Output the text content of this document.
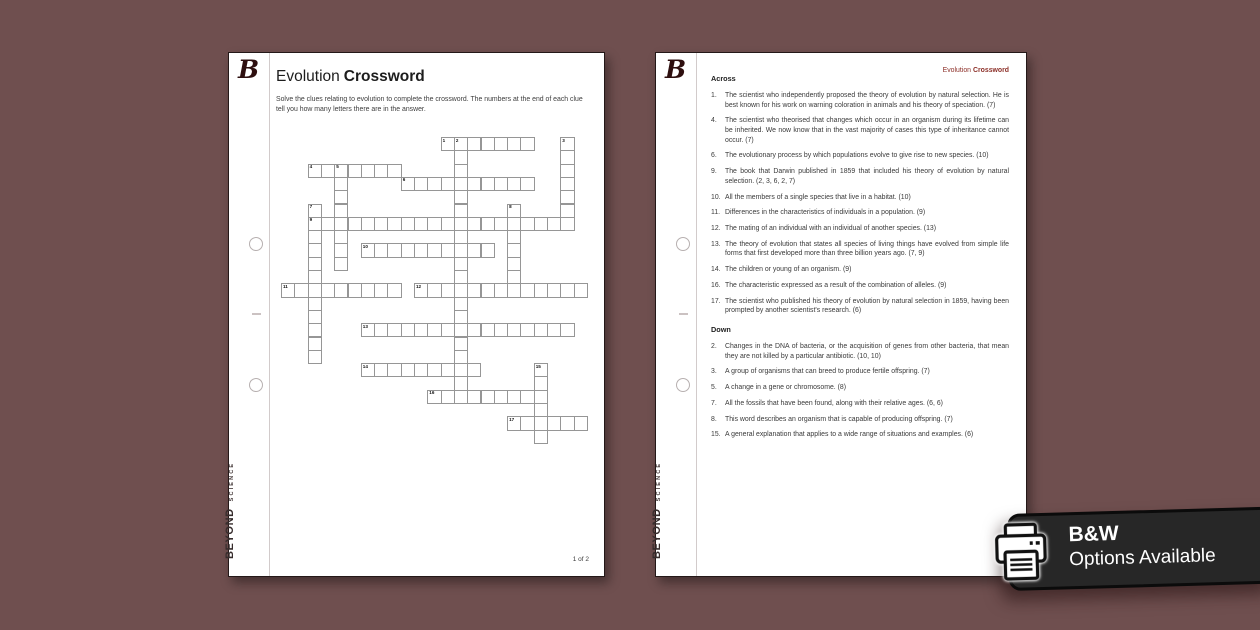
B
BEYOND
SCIENCE
Evolution Crossword
Solve the clues relating to evolution to complete the crossword. The numbers at the end of each clue tell you how many letters there are in the answer.
1 2	3
4	5
6
7
9
8
10
11	12
13
14	15
16
17
1 of 2
B
BEYOND
SCIENCE
Evolution Crossword
Across
1. The scientist who independently proposed the theory of evolution by natural selection. He is best known for his work on warning coloration in animals and his theory of speciation. (7)
4. The scientist who theorised that changes which occur in an organism during its lifetime can be inherited. We now know that in the vast majority of cases this type of inheritance cannot occur. (7)
6. The evolutionary process by which populations evolve to give rise to new species. (10)
9. The book that Darwin published in 1859 that included his theory of evolution by natural selection. (2, 3, 6, 2, 7)
10. All the members of a single species that live in a habitat. (10)
11. Differences in the characteristics of individuals in a population. (9)
12. The mating of an individual with an individual of another species. (13)
13. The theory of evolution that states all species of living things have evolved from simple life forms that first developed more than three billion years ago. (7, 9)
14. The children or young of an organism. (9)
16. The characteristic expressed as a result of the combination of alleles. (9)
17. The scientist who published his theory of evolution by natural selection in 1859, having been prompted by another scientist's research. (6)
Down
2. Changes in the DNA of bacteria, or the acquisition of genes from other bacteria, that mean they are not killed by a particular antibiotic. (10, 10)
3. A group of organisms that can breed to produce fertile offspring. (7)
5. A change in a gene or chromosome. (8)
7. All the fossils that have been found, along with their relative ages. (6, 6)
8. This word describes an organism that is capable of producing offspring. (7)
15. A general explanation that applies to a wide range of situations and examples. (6)
B&W
Options Available
